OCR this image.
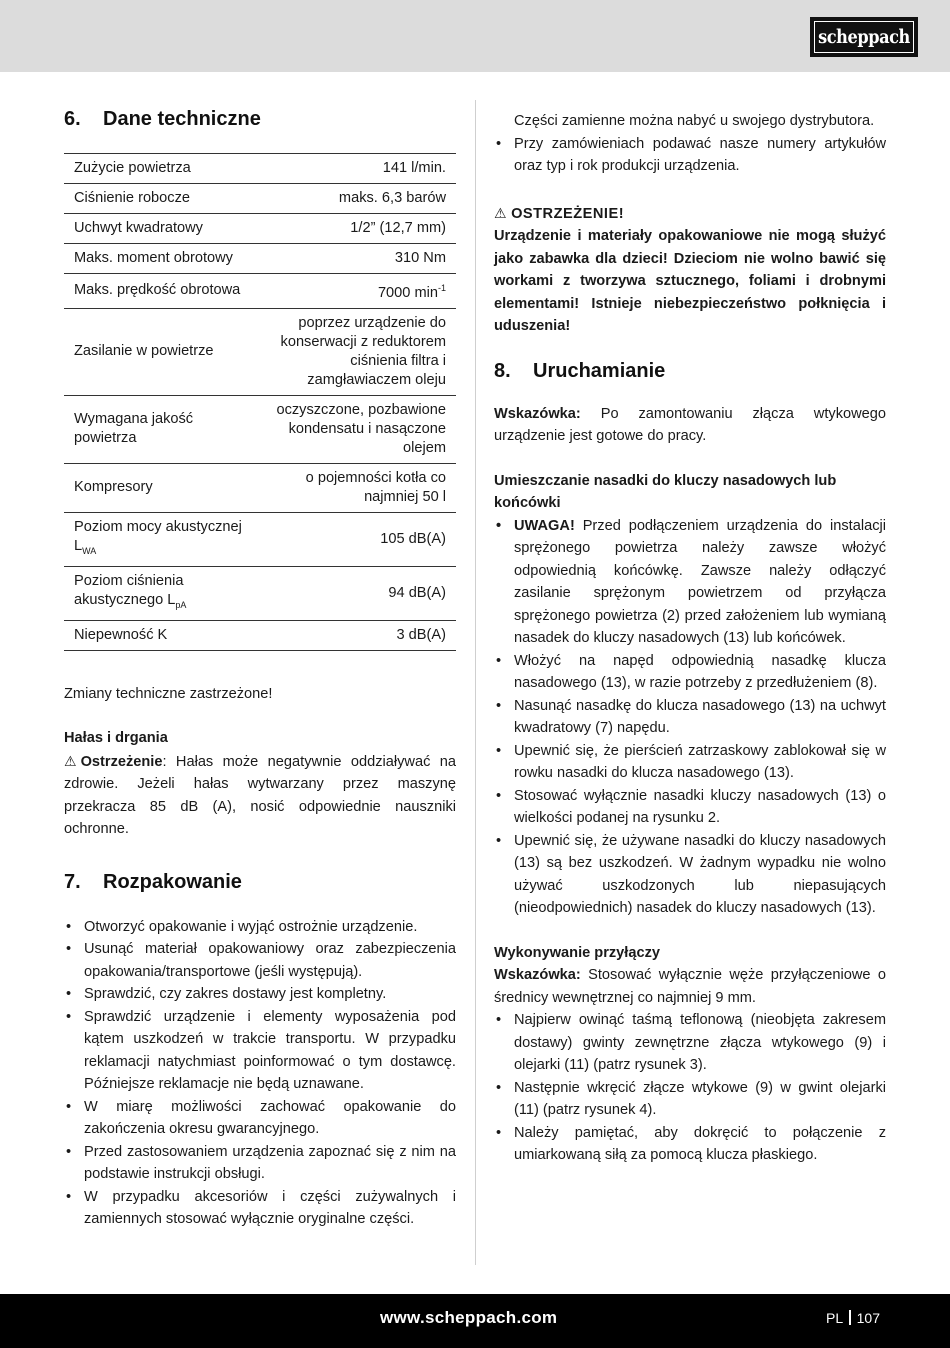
scheppach
6.	Dane techniczne
Zużycie powietrza	141 l/min.
Ciśnienie robocze	maks. 6,3 barów
Uchwyt kwadratowy	1/2” (12,7 mm)
Maks. moment obrotowy	310 Nm
Maks. prędkość obrotowa	7000 $\min^{-1}$
Zasilanie w powietrze	poprzez urządzenie do konserwacji z reduktorem ciśnienia filtra i zamgławiaczem oleju
Wymagana jakość powietrza	oczyszczone, pozbawione kondensatu i nasączone olejem
Kompresory	o pojemności kotła co najmniej 50 l
Poziom mocy akustycznej $L_{WA}$	105 dB(A)
Poziom ciśnienia akustycznego $L_{pA}$	94 dB(A)
Niepewność K	3 dB(A)

Zmiany techniczne zastrzeżone!

Hałas i drgania

⚠ Ostrzeżenie: Hałas może negatywnie oddziaływać na zdrowie. Jeżeli hałas wytwarzany przez maszynę przekracza 85 dB (A), nosić odpowiednie nauszniki ochronne.

7.	Rozpakowanie
• Otworzyć opakowanie i wyjąć ostrożnie urządzenie.
• Usunąć materiał opakowaniowy oraz zabezpieczenia opakowania/transportowe (jeśli występują).
• Sprawdzić, czy zakres dostawy jest kompletny.
• Sprawdzić urządzenie i elementy wyposażenia pod kątem uszkodzeń w trakcie transportu. W przypadku reklamacji natychmiast poinformować o tym dostawcę. Późniejsze reklamacje nie będą uznawane.
• W miarę możliwości zachować opakowanie do zakończenia okresu gwarancyjnego.
• Przed zastosowaniem urządzenia zapoznać się z nim na podstawie instrukcji obsługi.
• W przypadku akcesoriów i części zużywalnych i zamiennych stosować wyłącznie oryginalne części.

Części zamienne można nabyć u swojego dystrybutora.

• Przy zamówieniach podawać nasze numery artykułów oraz typ i rok produkcji urządzenia.

⚠ OSTRZEŻENIE!

Urządzenie i materiały opakowaniowe nie mogą służyć jako zabawka dla dzieci! Dzieciom nie wolno bawić się workami z tworzywa sztucznego, foliami i drobnymi elementami! Istnieje niebezpieczeństwo połknięcia i uduszenia!

8.	Uruchamianie

Wskazówka: Po zamontowaniu złącza wtykowego urządzenie jest gotowe do pracy.

Umieszczanie nasadki do kluczy nasadowych lub końcówki

• UWAGA! Przed podłączeniem urządzenia do instalacji sprężonego powietrza należy zawsze włożyć odpowiednią końcówkę. Zawsze należy odłączyć zasilanie sprężonym powietrzem od przyłącza sprężonego powietrza (2) przed założeniem lub wymianą nasadek do kluczy nasadowych (13) lub końcówek.
• Włożyć na napęd odpowiednią nasadkę klucza nasadowego (13), w razie potrzeby z przedłużeniem (8).
• Nasunąć nasadkę do klucza nasadowego (13) na uchwyt kwadratowy (7) napędu.
• Upewnić się, że pierścień zatrzaskowy zablokował się w rowku nasadki do klucza nasadowego (13).
• Stosować wyłącznie nasadki kluczy nasadowych (13) o wielkości podanej na rysunku 2.
• Upewnić się, że używane nasadki do kluczy nasadowych (13) są bez uszkodzeń. W żadnym wypadku nie wolno używać uszkodzonych lub niepasujących (nieodpowiednich) nasadek do kluczy nasadowych (13).

Wykonywanie przyłączy

Wskazówka: Stosować wyłącznie węże przyłączeniowe o średnicy wewnętrznej co najmniej 9 mm.

• Najpierw owinąć taśmą teflonową (nieobjęta zakresem dostawy) gwinty zewnętrzne złącza wtykowego (9) i olejarki (11) (patrz rysunek 3).
• Następnie wkręcić złącze wtykowe (9) w gwint olejarki (11) (patrz rysunek 4).
• Należy pamiętać, aby dokręcić to połączenie z umiarkowaną siłą za pomocą klucza płaskiego.
www.scheppach.com	PL 107
